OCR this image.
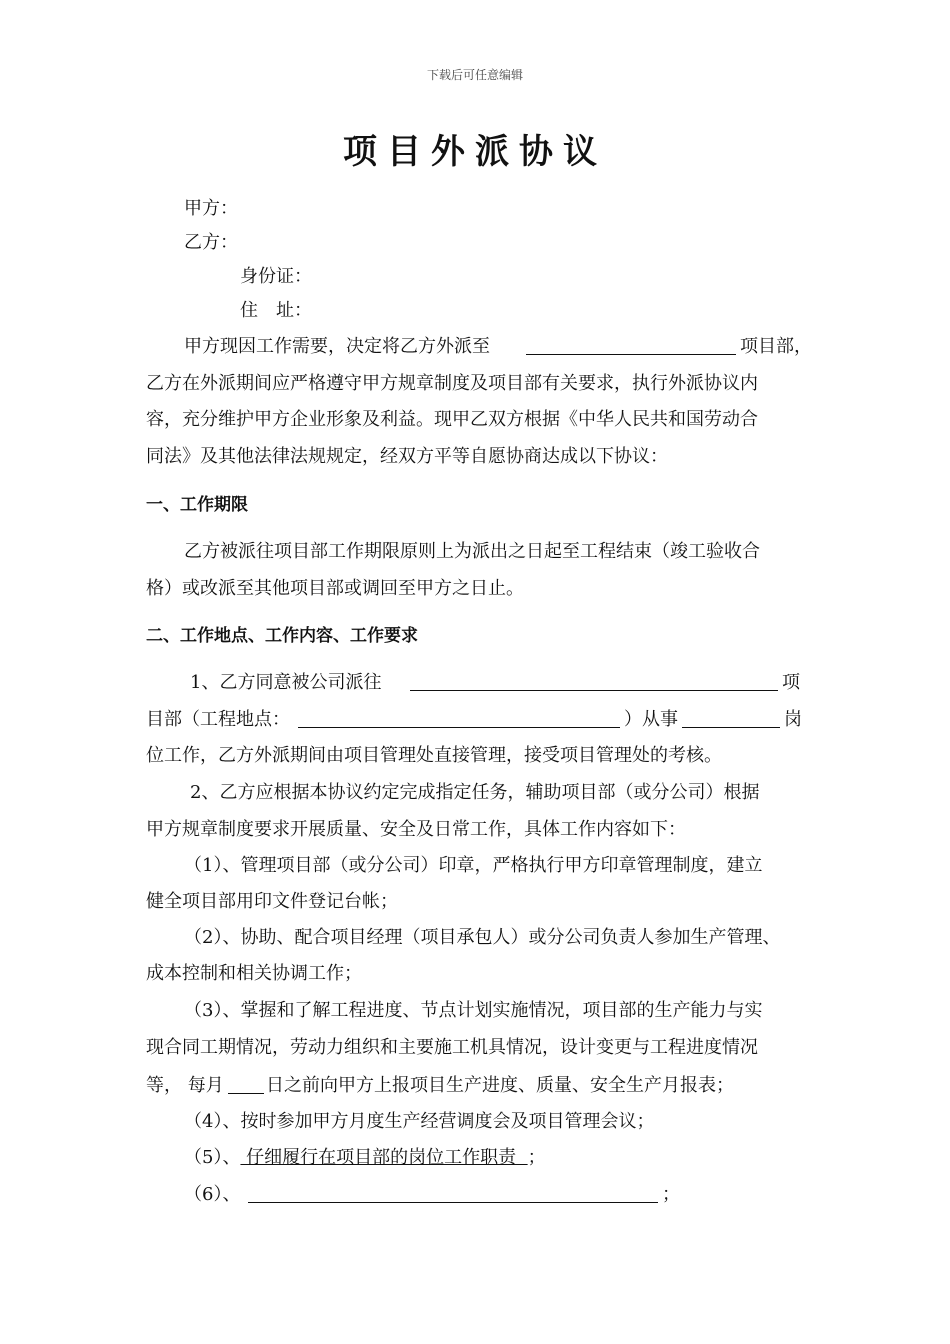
下载后可任意编辑
项目外派协议
甲方：
乙方：
身份证：
住　址：
甲方现因工作需要，决定将乙方外派至	项目部，
乙方在外派期间应严格遵守甲方规章制度及项目部有关要求，执行外派协议内
容，充分维护甲方企业形象及利益。现甲乙双方根据《中华人民共和国劳动合
同法》及其他法律法规规定，经双方平等自愿协商达成以下协议：
一、工作期限
乙方被派往项目部工作期限原则上为派出之日起至工程结束（竣工验收合
格）或改派至其他项目部或调回至甲方之日止。
二、工作地点、工作内容、工作要求
1、乙方同意被公司派往	项
目部（工程地点：	）从事	岗
位工作，乙方外派期间由项目管理处直接管理，接受项目管理处的考核。
2、乙方应根据本协议约定完成指定任务，辅助项目部（或分公司）根据
甲方规章制度要求开展质量、安全及日常工作，具体工作内容如下：
（1）、管理项目部（或分公司）印章，严格执行甲方印章管理制度，建立
健全项目部用印文件登记台帐；
（2）、协助、配合项目经理（项目承包人）或分公司负责人参加生产管理、
成本控制和相关协调工作；
（3）、掌握和了解工程进度、节点计划实施情况，项目部的生产能力与实
现合同工期情况，劳动力组织和主要施工机具情况，设计变更与工程进度情况
等， 每月 日之前向甲方上报项目生产进度、质量、安全生产月报表；
（4）、按时参加甲方月度生产经营调度会及项目管理会议；
（5）、 仔细履行在项目部的岗位工作职责  ；
（6）、	；
